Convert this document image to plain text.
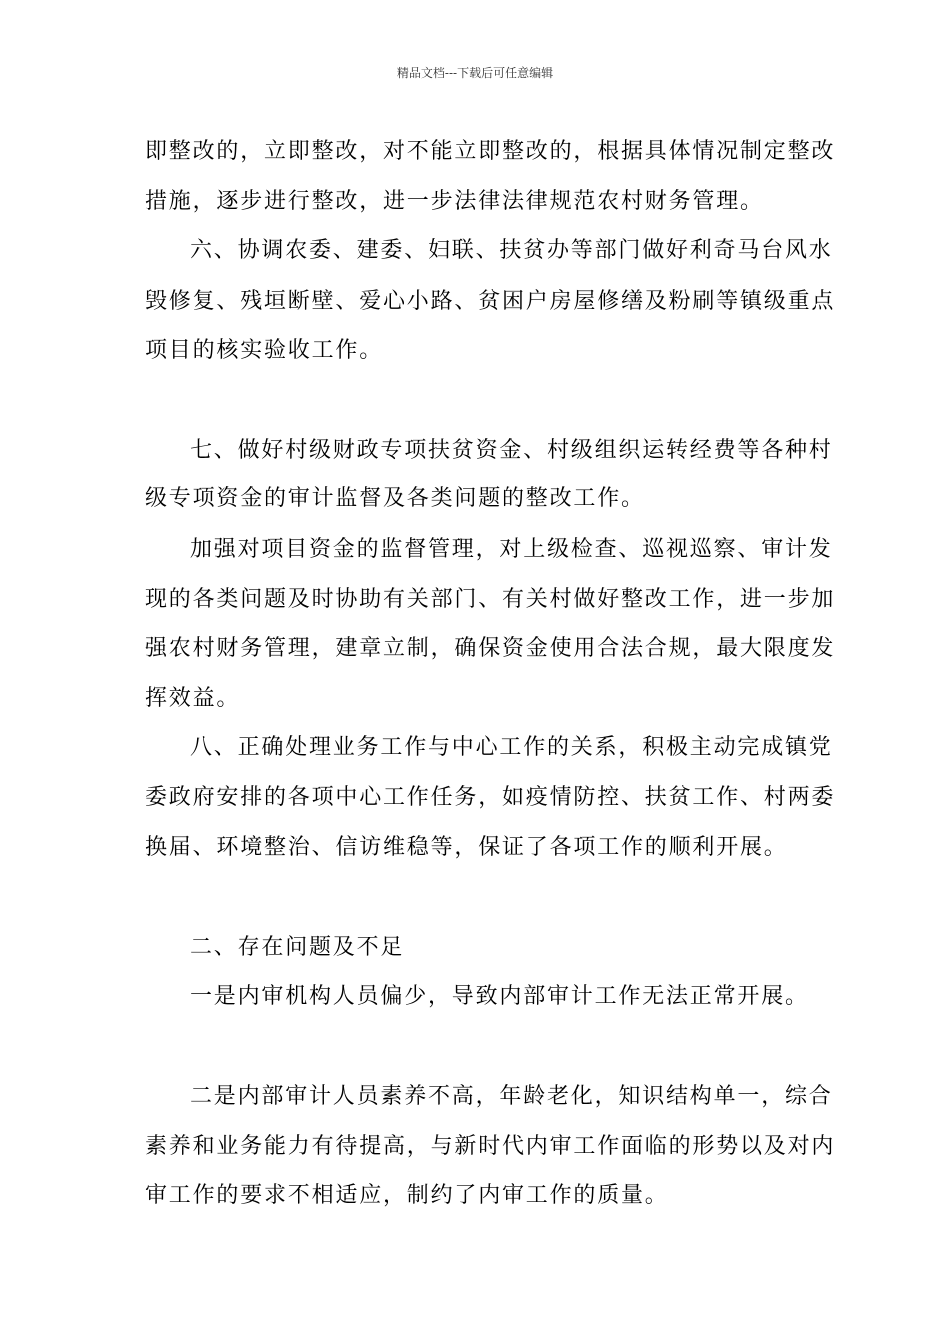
精品文档---下载后可任意编辑
即整改的，立即整改，对不能立即整改的，根据具体情况制定整改
措施，逐步进行整改，进一步法律法律规范农村财务管理。
六、协调农委、建委、妇联、扶贫办等部门做好利奇马台风水
毁修复、残垣断壁、爱心小路、贫困户房屋修缮及粉刷等镇级重点
项目的核实验收工作。
七、做好村级财政专项扶贫资金、村级组织运转经费等各种村
级专项资金的审计监督及各类问题的整改工作。
加强对项目资金的监督管理，对上级检查、巡视巡察、审计发
现的各类问题及时协助有关部门、有关村做好整改工作，进一步加
强农村财务管理，建章立制，确保资金使用合法合规，最大限度发
挥效益。
八、正确处理业务工作与中心工作的关系，积极主动完成镇党
委政府安排的各项中心工作任务，如疫情防控、扶贫工作、村两委
换届、环境整治、信访维稳等，保证了各项工作的顺利开展。
二、存在问题及不足
一是内审机构人员偏少，导致内部审计工作无法正常开展。
二是内部审计人员素养不高，年龄老化，知识结构单一，综合
素养和业务能力有待提高，与新时代内审工作面临的形势以及对内
审工作的要求不相适应，制约了内审工作的质量。
